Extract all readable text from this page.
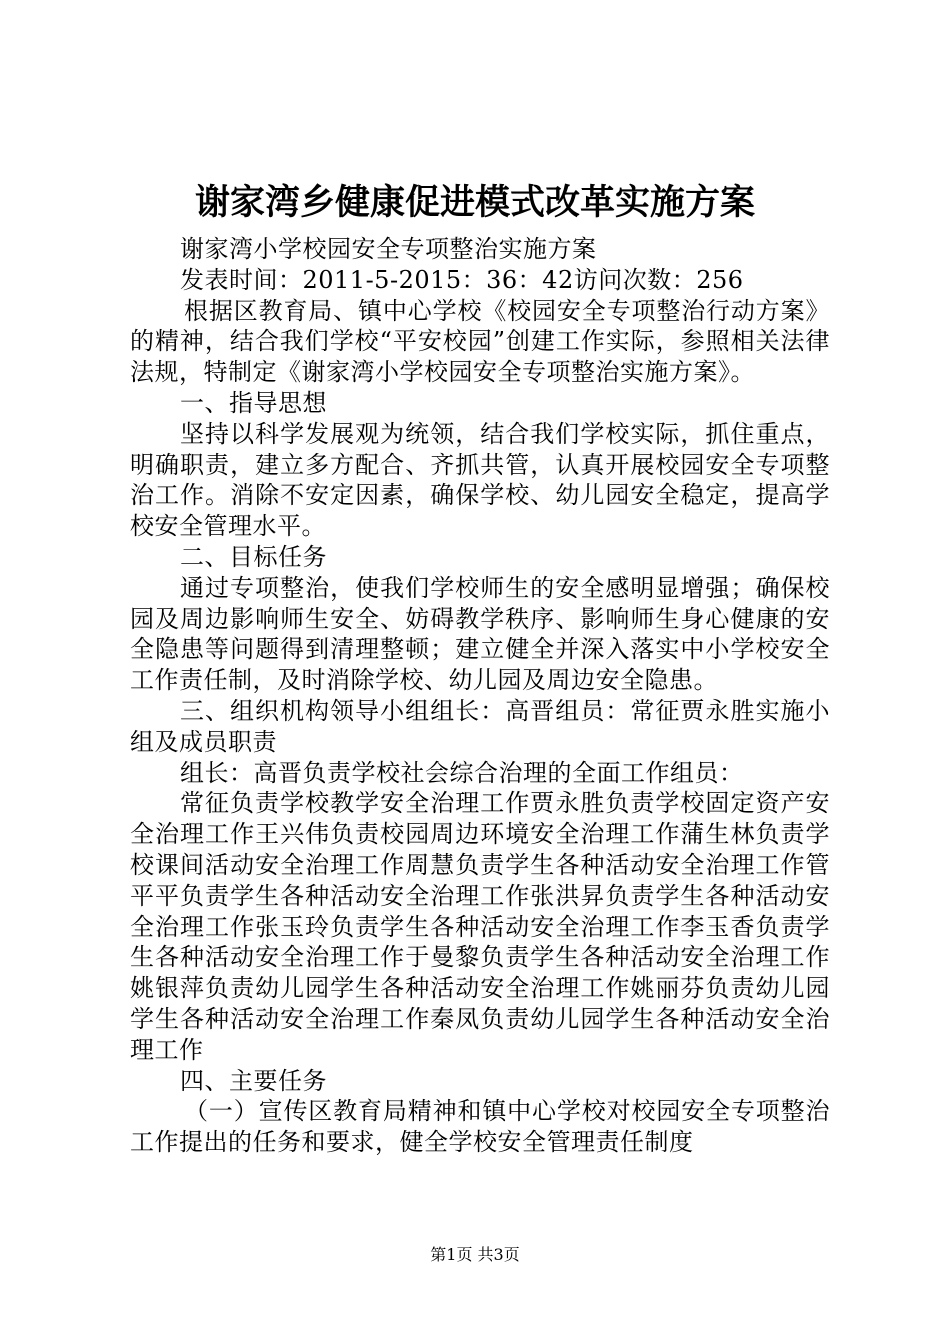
谢家湾乡健康促进模式改革实施方案

谢家湾小学校园安全专项整治实施方案

发表时间：2011-5-2015：36：42访问次数：256

根据区教育局、镇中心学校《校园安全专项整治行动方案》的精神，结合我们学校“平安校园”创建工作实际，参照相关法律法规，特制定《谢家湾小学校园安全专项整治实施方案》。

一、指导思想

坚持以科学发展观为统领，结合我们学校实际，抓住重点，明确职责，建立多方配合、齐抓共管，认真开展校园安全专项整治工作。消除不安定因素，确保学校、幼儿园安全稳定，提高学校安全管理水平。

二、目标任务

通过专项整治，使我们学校师生的安全感明显增强；确保校园及周边影响师生安全、妨碍教学秩序、影响师生身心健康的安全隐患等问题得到清理整顿；建立健全并深入落实中小学校安全工作责任制，及时消除学校、幼儿园及周边安全隐患。

三、组织机构领导小组组长：高晋组员：常征贾永胜实施小组及成员职责

组长：高晋负责学校社会综合治理的全面工作组员：

常征负责学校教学安全治理工作贾永胜负责学校固定资产安全治理工作王兴伟负责校园周边环境安全治理工作蒲生林负责学校课间活动安全治理工作周慧负责学生各种活动安全治理工作管平平负责学生各种活动安全治理工作张洪昇负责学生各种活动安全治理工作张玉玲负责学生各种活动安全治理工作李玉香负责学生各种活动安全治理工作于曼黎负责学生各种活动安全治理工作姚银萍负责幼儿园学生各种活动安全治理工作姚丽芬负责幼儿园学生各种活动安全治理工作秦凤负责幼儿园学生各种活动安全治理工作

四、主要任务

（一）宣传区教育局精神和镇中心学校对校园安全专项整治工作提出的任务和要求，健全学校安全管理责任制度

第1页 共3页
